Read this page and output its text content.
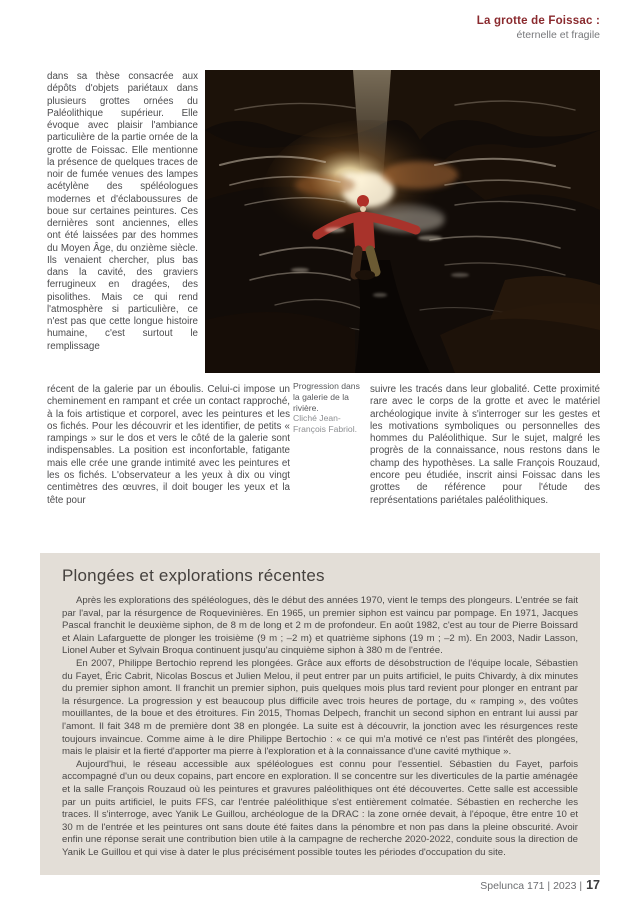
La grotte de Foissac :
éternelle et fragile
dans sa thèse consacrée aux dépôts d'objets pariétaux dans plusieurs grottes ornées du Paléolithique supérieur. Elle évoque avec plaisir l'ambiance particulière de la partie ornée de la grotte de Foissac. Elle mentionne la présence de quelques traces de noir de fumée venues des lampes acétylène des spéléologues modernes et d'éclaboussures de boue sur certaines peintures. Ces dernières sont anciennes, elles ont été laissées par des hommes du Moyen Âge, du onzième siècle. Ils venaient chercher, plus bas dans la cavité, des graviers ferrugineux en dragées, des pisolithes. Mais ce qui rend l'atmosphère si particulière, ce n'est pas que cette longue histoire humaine, c'est surtout le remplissage
Progression dans la galerie de la rivière.
Cliché Jean-François Fabriol.
récent de la galerie par un éboulis. Celui-ci impose un cheminement en rampant et crée un contact rapproché, à la fois artistique et corporel, avec les peintures et les os fichés. Pour les découvrir et les identifier, de petits « rampings » sur le dos et vers le côté de la galerie sont indispensables. La position est inconfortable, fatigante mais elle crée une grande intimité avec les peintures et les os fichés. L'observateur a les yeux à dix ou vingt centimètres des œuvres, il doit bouger les yeux et la tête pour
suivre les tracés dans leur globalité. Cette proximité rare avec le corps de la grotte et avec le matériel archéologique invite à s'interroger sur les gestes et les motivations symboliques ou personnelles des hommes du Paléolithique. Sur le sujet, malgré les progrès de la connaissance, nous restons dans le champ des hypothèses. La salle François Rouzaud, encore peu étudiée, inscrit ainsi Foissac dans les grottes de référence pour l'étude des représentations pariétales paléolithiques.
Plongées et explorations récentes

Après les explorations des spéléologues, dès le début des années 1970, vient le temps des plongeurs. L'entrée se fait par l'aval, par la résurgence de Roquevinières. En 1965, un premier siphon est vaincu par pompage. En 1971, Jacques Pascal franchit le deuxième siphon, de 8 m de long et 2 m de profondeur. En août 1982, c'est au tour de Pierre Boissard et Alain Lafarguette de plonger les troisième (9 m ; –2 m) et quatrième siphons (19 m ; –2 m). En 2003, Nadir Lasson, Lionel Auber et Sylvain Broqua continuent jusqu'au cinquième siphon à 380 m de l'entrée.

En 2007, Philippe Bertochio reprend les plongées. Grâce aux efforts de désobstruction de l'équipe locale, Sébastien du Fayet, Éric Cabrit, Nicolas Boscus et Julien Melou, il peut entrer par un puits artificiel, le puits Chivardy, à dix minutes du premier siphon amont. Il franchit un premier siphon, puis quelques mois plus tard revient pour plonger en entrant par la résurgence. La progression y est beaucoup plus difficile avec trois heures de portage, du « ramping », des voûtes mouillantes, de la boue et des étroitures. Fin 2015, Thomas Delpech, franchit un second siphon en entrant lui aussi par l'amont. Il fait 348 m de première dont 38 en plongée. La suite est à découvrir, la jonction avec les résurgences reste toujours invaincue. Comme aime à le dire Philippe Bertochio : « ce qui m'a motivé ce n'est pas l'intérêt des plongées, mais le plaisir et la fierté d'apporter ma pierre à l'exploration et à la connaissance d'une cavité mythique ».

Aujourd'hui, le réseau accessible aux spéléologues est connu pour l'essentiel. Sébastien du Fayet, parfois accompagné d'un ou deux copains, part encore en exploration. Il se concentre sur les diverticules de la partie aménagée et la salle François Rouzaud où les peintures et gravures paléolithiques ont été découvertes. Cette salle est accessible par un puits artificiel, le puits FFS, car l'entrée paléolithique s'est entièrement colmatée. Sébastien en recherche les traces. Il s'interroge, avec Yanik Le Guillou, archéologue de la DRAC : la zone ornée devait, à l'époque, être entre 10 et 30 m de l'entrée et les peintures ont sans doute été faites dans la pénombre et non pas dans la pleine obscurité. Avoir enfin une réponse serait une contribution bien utile à la campagne de recherche 2020-2022, conduite sous la direction de Yanik Le Guillou et qui vise à dater le plus précisément possible toutes les périodes d'occupation du site.

Spelunca 171 | 2023 | 17
